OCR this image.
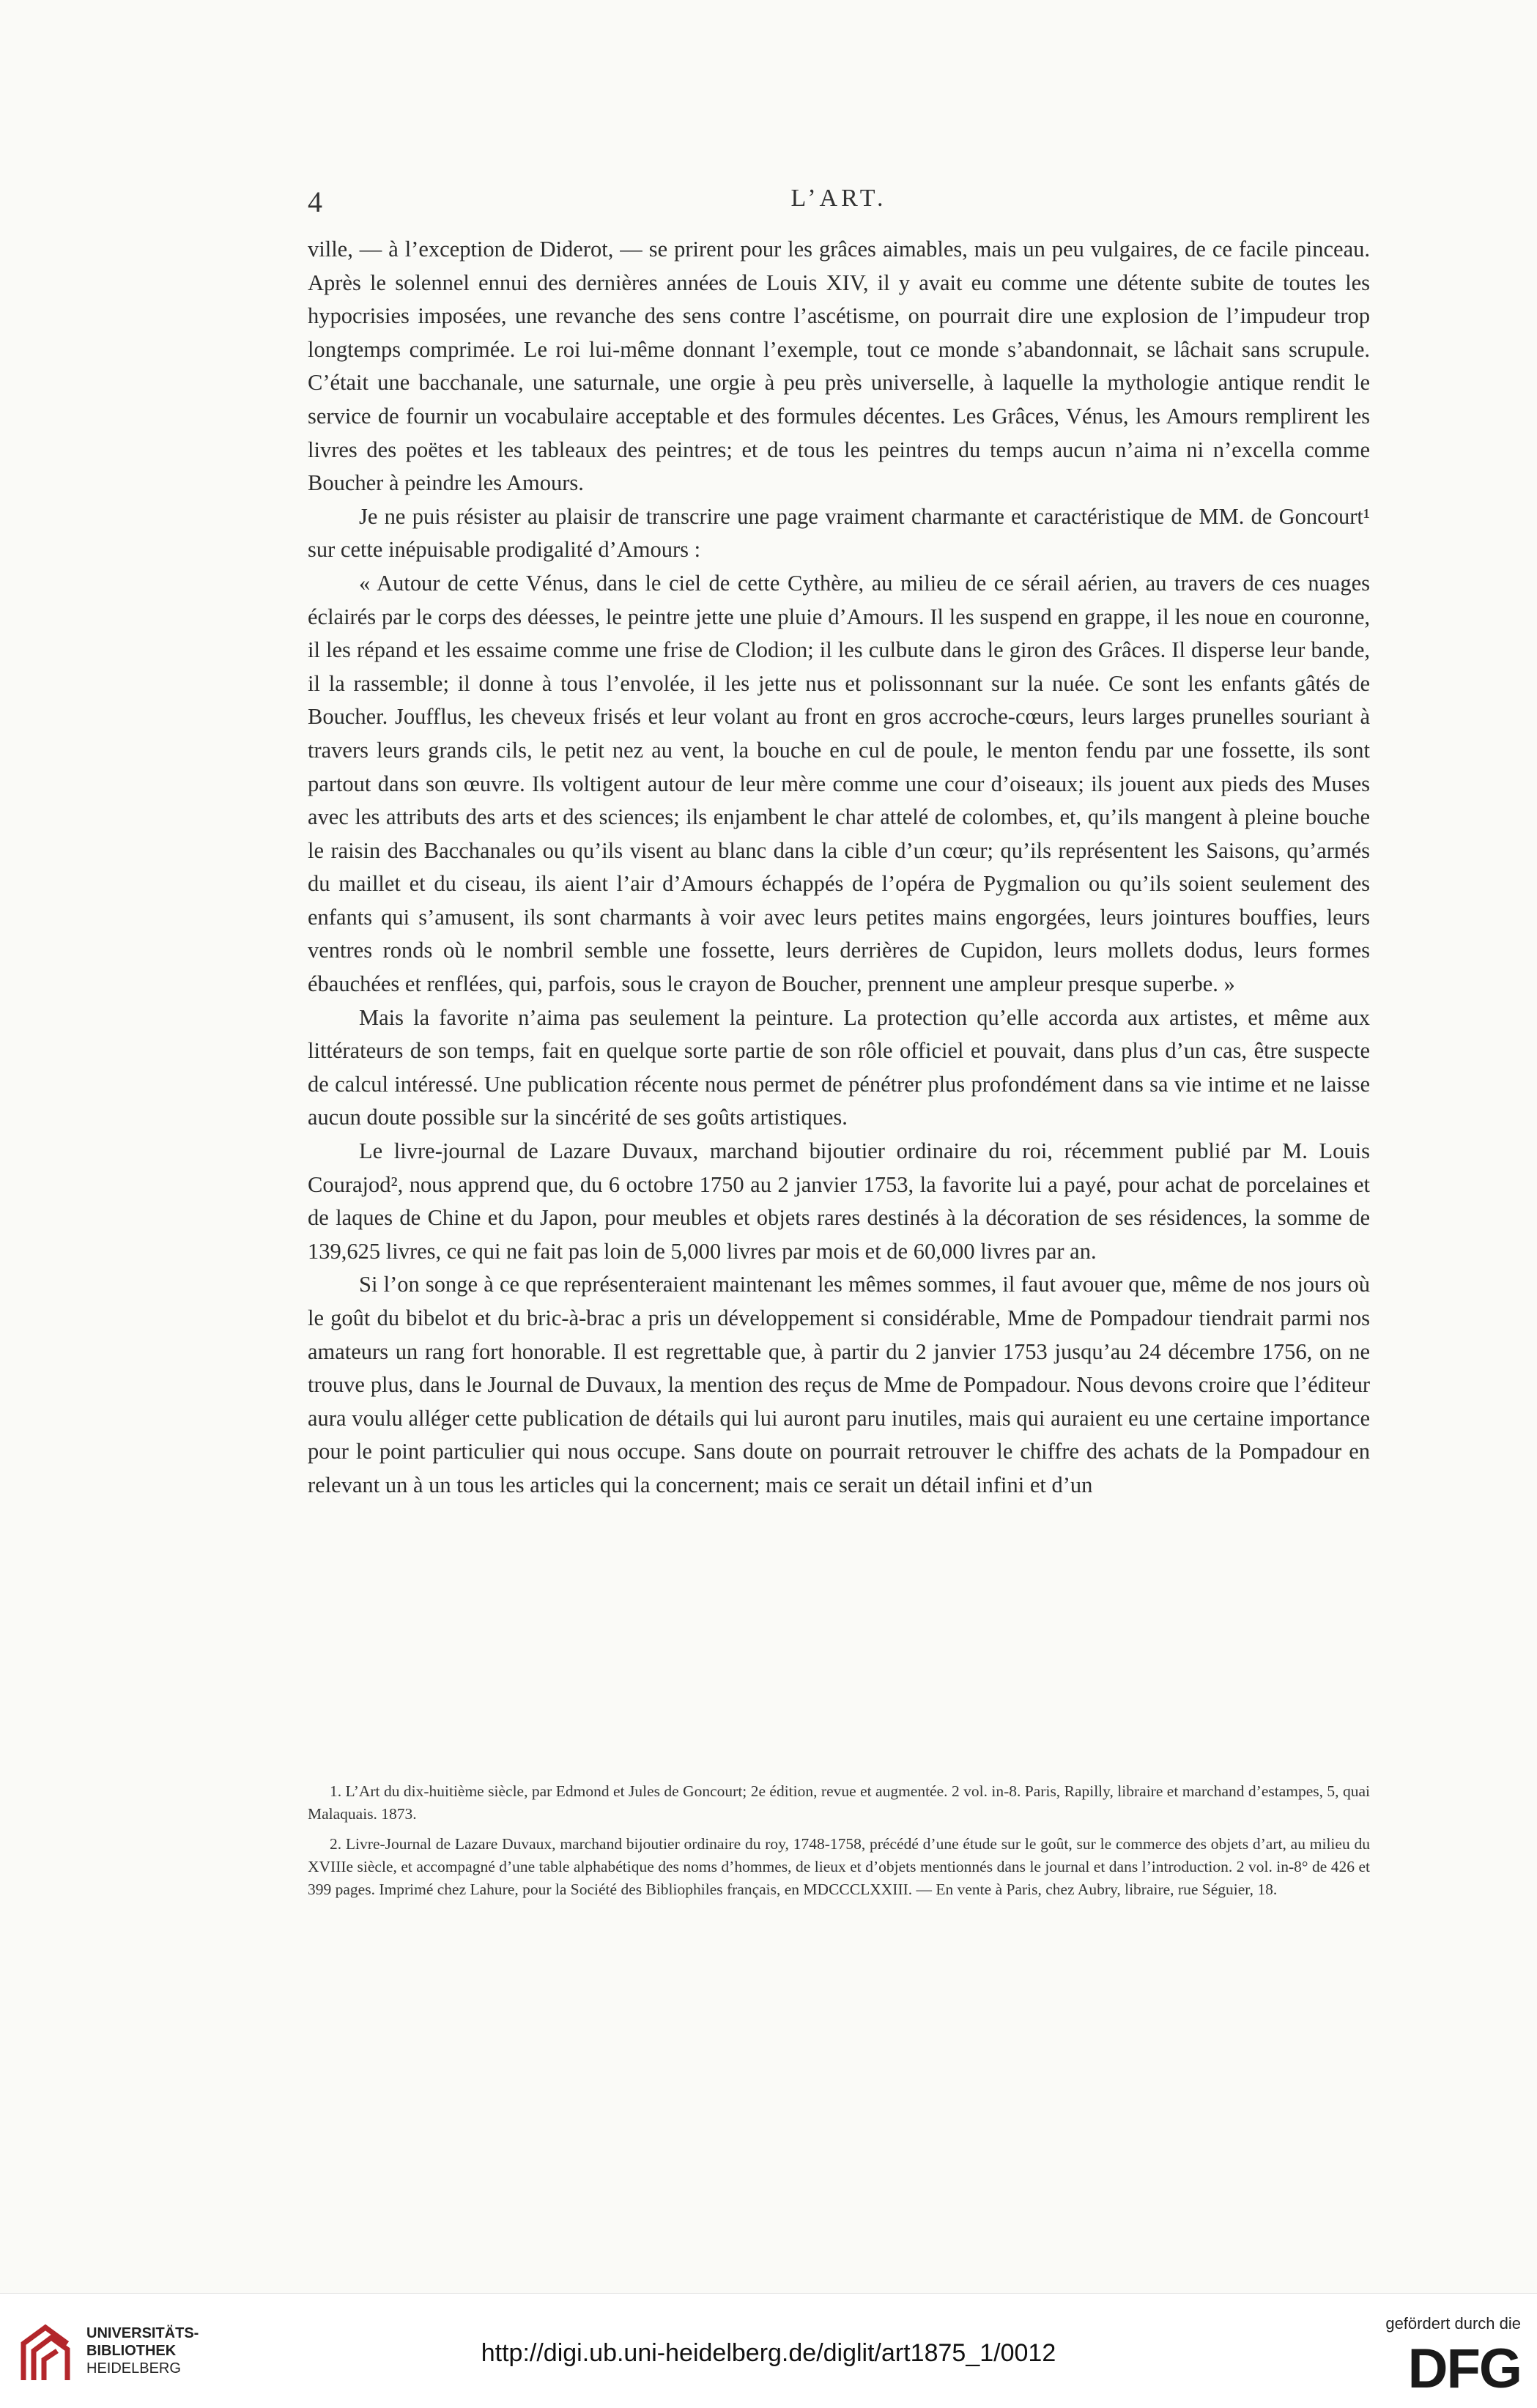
4	L’ART.

ville, — à l’exception de Diderot, — se prirent pour les grâces aimables, mais un peu vulgaires, de ce facile pinceau. Après le solennel ennui des dernières années de Louis XIV, il y avait eu comme une détente subite de toutes les hypocrisies imposées, une revanche des sens contre l’ascétisme, on pourrait dire une explosion de l’impudeur trop longtemps comprimée. Le roi lui-même donnant l’exemple, tout ce monde s’abandonnait, se lâchait sans scrupule. C’était une bacchanale, une saturnale, une orgie à peu près universelle, à laquelle la mythologie antique rendit le service de fournir un vocabulaire acceptable et des formules décentes. Les Grâces, Vénus, les Amours remplirent les livres des poëtes et les tableaux des peintres; et de tous les peintres du temps aucun n’aima ni n’excella comme Boucher à peindre les Amours.

Je ne puis résister au plaisir de transcrire une page vraiment charmante et caractéristique de MM. de Goncourt¹ sur cette inépuisable prodigalité d’Amours :

« Autour de cette Vénus, dans le ciel de cette Cythère, au milieu de ce sérail aérien, au travers de ces nuages éclairés par le corps des déesses, le peintre jette une pluie d’Amours. Il les suspend en grappe, il les noue en couronne, il les répand et les essaime comme une frise de Clodion; il les culbute dans le giron des Grâces. Il disperse leur bande, il la rassemble; il donne à tous l’envolée, il les jette nus et polissonnant sur la nuée. Ce sont les enfants gâtés de Boucher. Joufflus, les cheveux frisés et leur volant au front en gros accroche-cœurs, leurs larges prunelles souriant à travers leurs grands cils, le petit nez au vent, la bouche en cul de poule, le menton fendu par une fossette, ils sont partout dans son œuvre. Ils voltigent autour de leur mère comme une cour d’oiseaux; ils jouent aux pieds des Muses avec les attributs des arts et des sciences; ils enjambent le char attelé de colombes, et, qu’ils mangent à pleine bouche le raisin des Bacchanales ou qu’ils visent au blanc dans la cible d’un cœur; qu’ils représentent les Saisons, qu’armés du maillet et du ciseau, ils aient l’air d’Amours échappés de l’opéra de Pygmalion ou qu’ils soient seulement des enfants qui s’amusent, ils sont charmants à voir avec leurs petites mains engorgées, leurs jointures bouffies, leurs ventres ronds où le nombril semble une fossette, leurs derrières de Cupidon, leurs mollets dodus, leurs formes ébauchées et renflées, qui, parfois, sous le crayon de Boucher, prennent une ampleur presque superbe. »

Mais la favorite n’aima pas seulement la peinture. La protection qu’elle accorda aux artistes, et même aux littérateurs de son temps, fait en quelque sorte partie de son rôle officiel et pouvait, dans plus d’un cas, être suspecte de calcul intéressé. Une publication récente nous permet de pénétrer plus profondément dans sa vie intime et ne laisse aucun doute possible sur la sincérité de ses goûts artistiques.

Le livre-journal de Lazare Duvaux, marchand bijoutier ordinaire du roi, récemment publié par M. Louis Courajod², nous apprend que, du 6 octobre 1750 au 2 janvier 1753, la favorite lui a payé, pour achat de porcelaines et de laques de Chine et du Japon, pour meubles et objets rares destinés à la décoration de ses résidences, la somme de 139,625 livres, ce qui ne fait pas loin de 5,000 livres par mois et de 60,000 livres par an.

Si l’on songe à ce que représenteraient maintenant les mêmes sommes, il faut avouer que, même de nos jours où le goût du bibelot et du bric-à-brac a pris un développement si considérable, Mme de Pompadour tiendrait parmi nos amateurs un rang fort honorable. Il est regrettable que, à partir du 2 janvier 1753 jusqu’au 24 décembre 1756, on ne trouve plus, dans le Journal de Duvaux, la mention des reçus de Mme de Pompadour. Nous devons croire que l’éditeur aura voulu alléger cette publication de détails qui lui auront paru inutiles, mais qui auraient eu une certaine importance pour le point particulier qui nous occupe. Sans doute on pourrait retrouver le chiffre des achats de la Pompadour en relevant un à un tous les articles qui la concernent; mais ce serait un détail infini et d’un

1. L’Art du dix-huitième siècle, par Edmond et Jules de Goncourt; 2e édition, revue et augmentée. 2 vol. in-8. Paris, Rapilly, libraire et marchand d’estampes, 5, quai Malaquais. 1873.

2. Livre-Journal de Lazare Duvaux, marchand bijoutier ordinaire du roy, 1748-1758, précédé d’une étude sur le goût, sur le commerce des objets d’art, au milieu du XVIIIe siècle, et accompagné d’une table alphabétique des noms d’hommes, de lieux et d’objets mentionnés dans le journal et dans l’introduction. 2 vol. in-8° de 426 et 399 pages. Imprimé chez Lahure, pour la Société des Bibliophiles français, en MDCCCLXXIII. — En vente à Paris, chez Aubry, libraire, rue Séguier, 18.

UNIVERSITÄTS-
BIBLIOTHEK
HEIDELBERG
http://digi.ub.uni-heidelberg.de/diglit/art1875_1/0012
gefördert durch die
DFG
